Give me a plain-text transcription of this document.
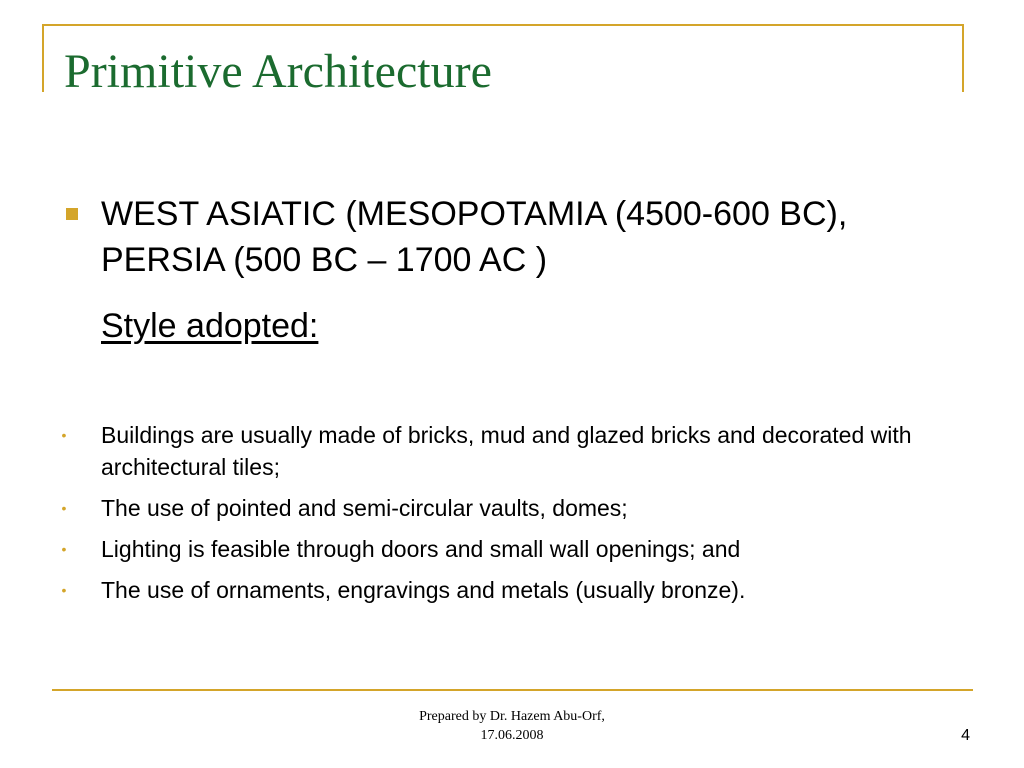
Primitive Architecture

WEST ASIATIC (MESOPOTAMIA (4500-600 BC), PERSIA (500 BC – 1700 AC )

Style adopted:

• Buildings are usually made of bricks, mud and glazed bricks and decorated with architectural tiles;
• The use of pointed and semi-circular vaults, domes;
• Lighting is feasible through doors and small wall openings; and
• The use of ornaments, engravings and metals (usually bronze).
Prepared by Dr. Hazem Abu-Orf,
17.06.2008	4
